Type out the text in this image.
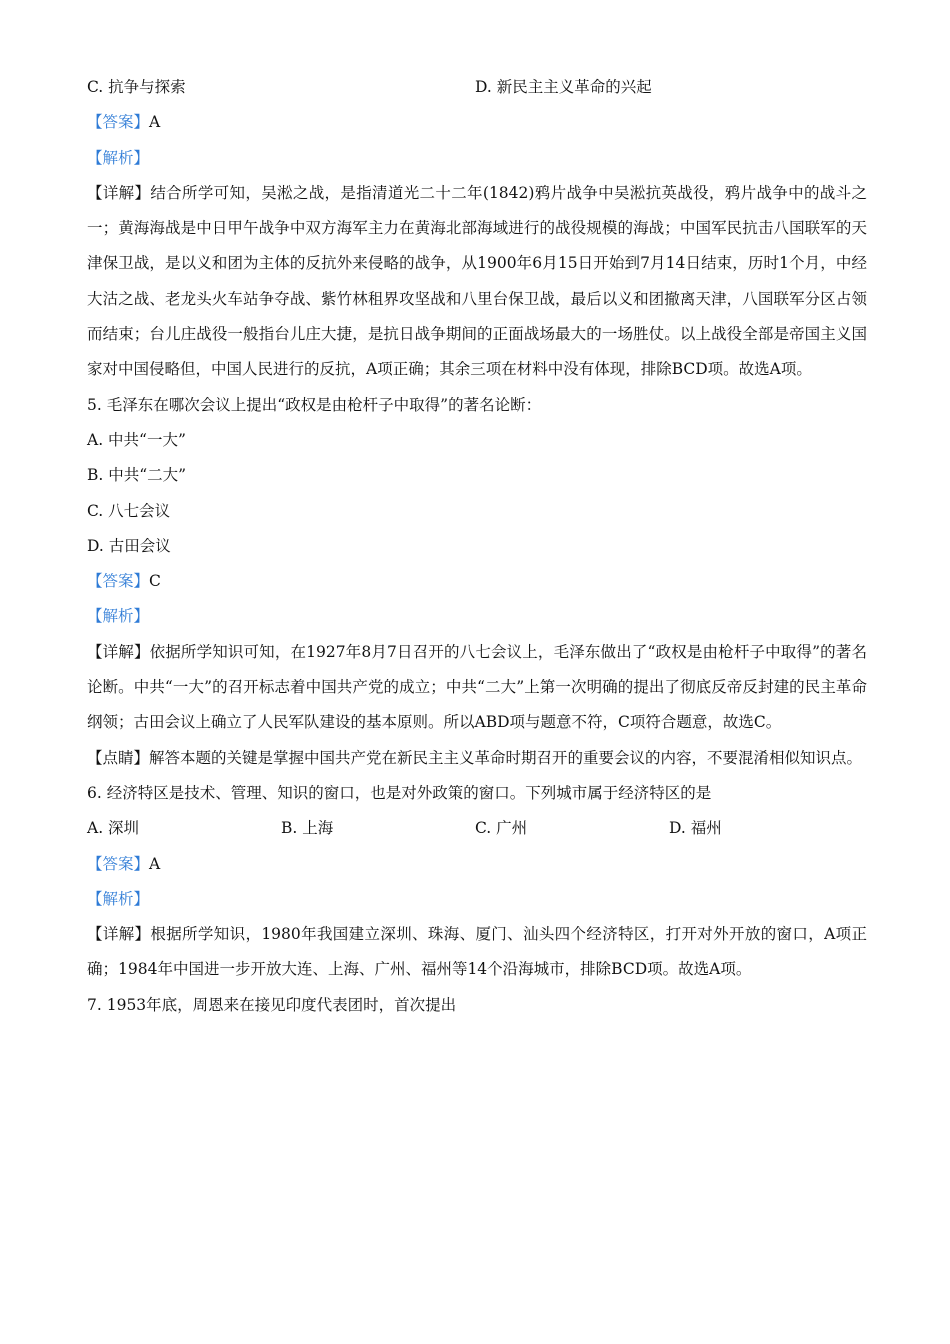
C. 抗争与探索	D. 新民主主义革命的兴起
【答案】A
【解析】
【详解】结合所学可知，吴淞之战，是指清道光二十二年(1842)鸦片战争中吴淞抗英战役，鸦片战争中的战斗之一；黄海海战是中日甲午战争中双方海军主力在黄海北部海域进行的战役规模的海战；中国军民抗击八国联军的天津保卫战，是以义和团为主体的反抗外来侵略的战争，从1900年6月15日开始到7月14日结束，历时1个月，中经大沽之战、老龙头火车站争夺战、紫竹林租界攻坚战和八里台保卫战，最后以义和团撤离天津，八国联军分区占领而结束；台儿庄战役一般指台儿庄大捷，是抗日战争期间的正面战场最大的一场胜仗。以上战役全部是帝国主义国家对中国侵略但，中国人民进行的反抗，A项正确；其余三项在材料中没有体现，排除BCD项。故选A项。
5. 毛泽东在哪次会议上提出“政权是由枪杆子中取得”的著名论断：
A. 中共“一大”
B. 中共“二大”
C. 八七会议
D. 古田会议
【答案】C
【解析】
【详解】依据所学知识可知，在1927年8月7日召开的八七会议上，毛泽东做出了“政权是由枪杆子中取得”的著名论断。中共“一大”的召开标志着中国共产党的成立；中共“二大”上第一次明确的提出了彻底反帝反封建的民主革命纲领；古田会议上确立了人民军队建设的基本原则。所以ABD项与题意不符，C项符合题意，故选C。
【点睛】解答本题的关键是掌握中国共产党在新民主主义革命时期召开的重要会议的内容，不要混淆相似知识点。
6. 经济特区是技术、管理、知识的窗口，也是对外政策的窗口。下列城市属于经济特区的是
A. 深圳	B. 上海	C. 广州	D. 福州
【答案】A
【解析】
【详解】根据所学知识，1980年我国建立深圳、珠海、厦门、汕头四个经济特区，打开对外开放的窗口，A项正确；1984年中国进一步开放大连、上海、广州、福州等14个沿海城市，排除BCD项。故选A项。
7. 1953年底，周恩来在接见印度代表团时，首次提出
